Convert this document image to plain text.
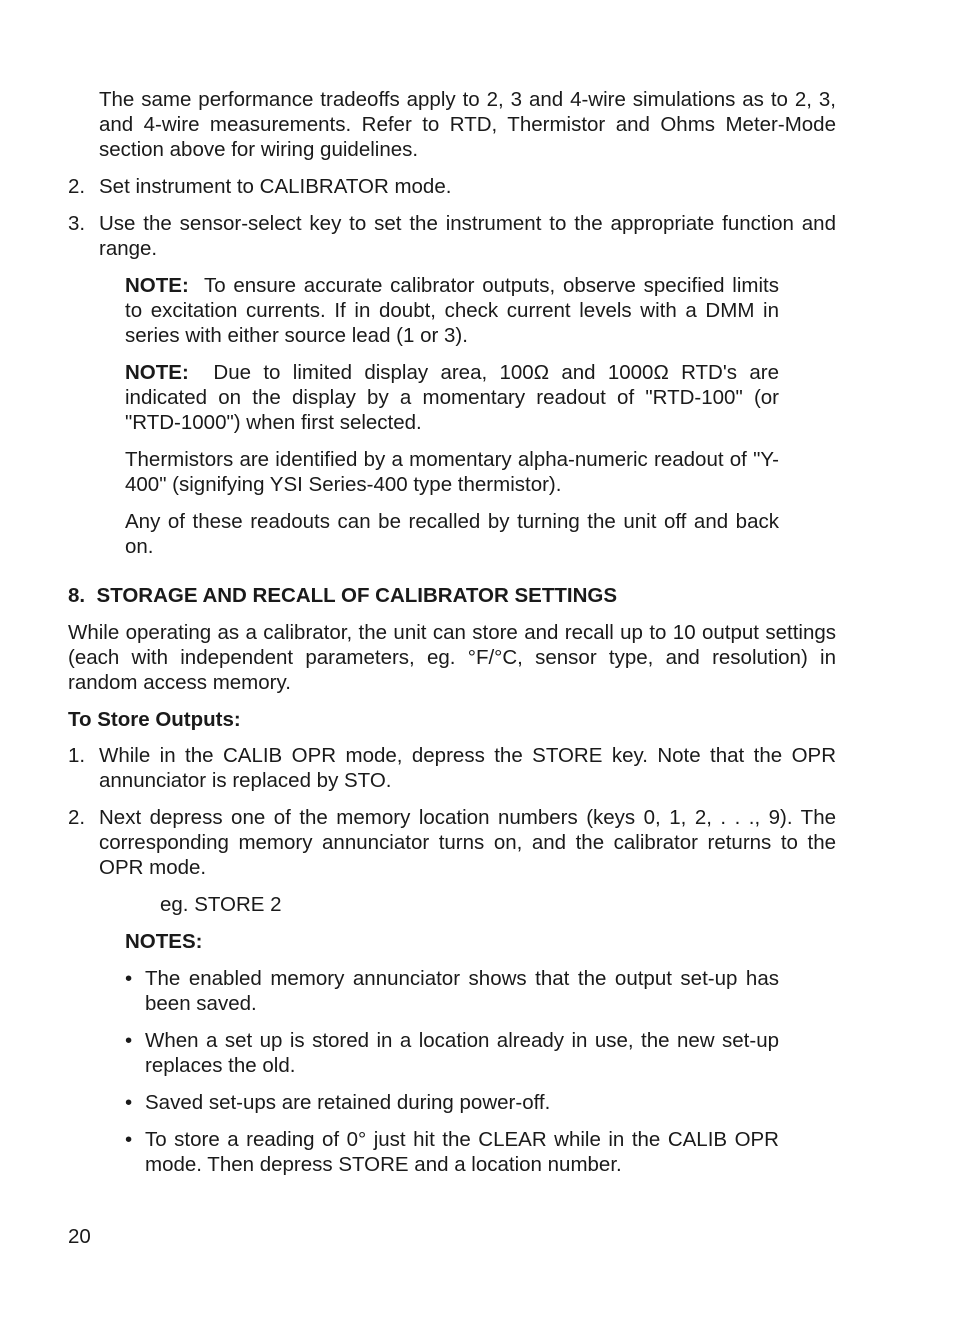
The same performance tradeoffs apply to 2, 3 and 4-wire simulations as to 2, 3, and 4-wire measurements. Refer to RTD, Thermistor and Ohms Meter-Mode section above for wiring guidelines.

2. Set instrument to CALIBRATOR mode.

3. Use the sensor-select key to set the instrument to the appropriate function and range.

NOTE: To ensure accurate calibrator outputs, observe specified limits to excitation currents. If in doubt, check current levels with a DMM in series with either source lead (1 or 3).

NOTE: Due to limited display area, 100Ω and 1000Ω RTD's are indicated on the display by a momentary readout of "RTD-100" (or "RTD-1000") when first selected.

Thermistors are identified by a momentary alpha-numeric readout of "Y-400" (signifying YSI Series-400 type thermistor).

Any of these readouts can be recalled by turning the unit off and back on.

8. STORAGE AND RECALL OF CALIBRATOR SETTINGS

While operating as a calibrator, the unit can store and recall up to 10 output settings (each with independent parameters, eg. °F/°C, sensor type, and resolution) in random access memory.

To Store Outputs:
1. While in the CALIB OPR mode, depress the STORE key. Note that the OPR annunciator is replaced by STO.

2. Next depress one of the memory location numbers (keys 0, 1, 2, . . ., 9). The corresponding memory annunciator turns on, and the calibrator returns to the OPR mode.

eg. STORE 2
NOTES:
• The enabled memory annunciator shows that the output set-up has been saved.

• When a set up is stored in a location already in use, the new set-up replaces the old.

• Saved set-ups are retained during power-off.

• To store a reading of 0° just hit the CLEAR while in the CALIB OPR mode. Then depress STORE and a location number.

20
